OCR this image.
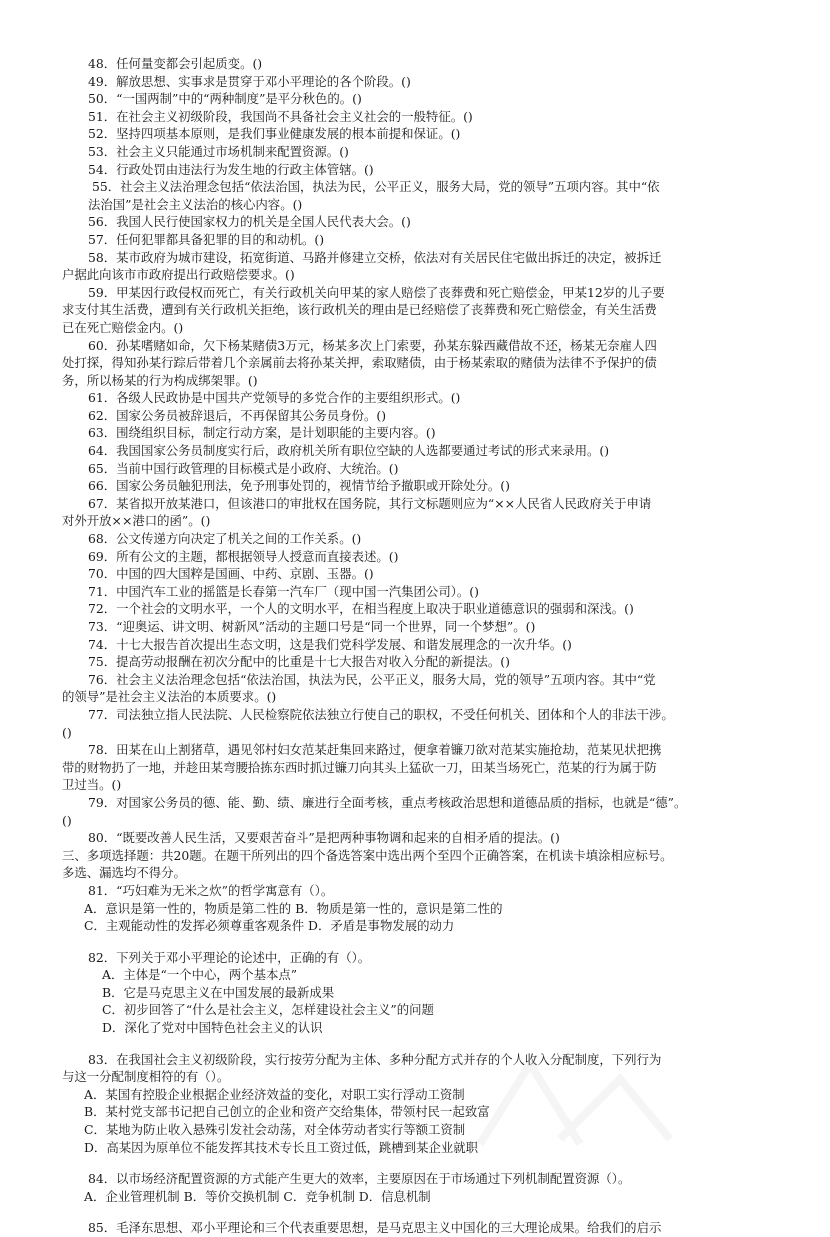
48．任何量变都会引起质变。()
49．解放思想、实事求是贯穿于邓小平理论的各个阶段。()
50．“一国两制”中的“两种制度”是平分秋色的。()
51．在社会主义初级阶段，我国尚不具备社会主义社会的一般特征。()
52．坚持四项基本原则，是我们事业健康发展的根本前提和保证。()
53．社会主义只能通过市场机制来配置资源。()
54．行政处罚由违法行为发生地的行政主体管辖。()
55．社会主义法治理念包括“依法治国，执法为民，公平正义，服务大局，党的领导”五项内容。其中“依
法治国”是社会主义法治的核心内容。()
56．我国人民行使国家权力的机关是全国人民代表大会。()
57．任何犯罪都具备犯罪的目的和动机。()
58．某市政府为城市建设，拓宽街道、马路并修建立交桥，依法对有关居民住宅做出拆迁的决定，被拆迁
户据此向该市市政府提出行政赔偿要求。()
59．甲某因行政侵权而死亡，有关行政机关向甲某的家人赔偿了丧葬费和死亡赔偿金，甲某12岁的儿子要
求支付其生活费，遭到有关行政机关拒绝，该行政机关的理由是已经赔偿了丧葬费和死亡赔偿金，有关生活费
已在死亡赔偿金内。()
60．孙某嗜赌如命，欠下杨某赌债3万元，杨某多次上门索要，孙某东躲西藏借故不还，杨某无奈雇人四
处打探，得知孙某行踪后带着几个亲属前去将孙某关押，索取赌债，由于杨某索取的赌债为法律不予保护的债
务，所以杨某的行为构成绑架罪。()
61．各级人民政协是中国共产党领导的多党合作的主要组织形式。()
62．国家公务员被辞退后，不再保留其公务员身份。()
63．围绕组织目标，制定行动方案，是计划职能的主要内容。()
64．我国国家公务员制度实行后，政府机关所有职位空缺的人选都要通过考试的形式来录用。()
65．当前中国行政管理的目标模式是小政府、大统治。()
66．国家公务员触犯刑法，免予刑事处罚的，视情节给予撤职或开除处分。()
67．某省拟开放某港口，但该港口的审批权在国务院，其行文标题则应为“××人民省人民政府关于申请
对外开放××港口的函”。()
68．公文传递方向决定了机关之间的工作关系。()
69．所有公文的主题，都根据领导人授意而直接表述。()
70．中国的四大国粹是国画、中药、京剧、玉器。()
71．中国汽车工业的摇篮是长春第一汽车厂（现中国一汽集团公司）。()
72．一个社会的文明水平，一个人的文明水平，在相当程度上取决于职业道德意识的强弱和深浅。()
73．“迎奥运、讲文明、树新风”活动的主题口号是“同一个世界，同一个梦想”。()
74．十七大报告首次提出生态文明，这是我们党科学发展、和谐发展理念的一次升华。()
75．提高劳动报酬在初次分配中的比重是十七大报告对收入分配的新提法。()
76．社会主义法治理念包括“依法治国，执法为民，公平正义，服务大局，党的领导”五项内容。其中“党
的领导”是社会主义法治的本质要求。()
77．司法独立指人民法院、人民检察院依法独立行使自己的职权，不受任何机关、团体和个人的非法干涉。
()
78．田某在山上割猪草，遇见邻村妇女范某赶集回来路过，便拿着镰刀欲对范某实施抢劫，范某见状把携
带的财物扔了一地，并趁田某弯腰拾拣东西时抓过镰刀向其头上猛砍一刀，田某当场死亡，范某的行为属于防
卫过当。()
79．对国家公务员的德、能、勤、绩、廉进行全面考核，重点考核政治思想和道德品质的指标，也就是“德”。
()
80．“既要改善人民生活，又要艰苦奋斗”是把两种事物调和起来的自相矛盾的提法。()
三、多项选择题：共20题。在题干所列出的四个备选答案中选出两个至四个正确答案，在机读卡填涂相应标号。
多选、漏选均不得分。
81．“巧妇难为无米之炊”的哲学寓意有（）。
A．意识是第一性的，物质是第二性的 B．物质是第一性的，意识是第二性的
C．主观能动性的发挥必须尊重客观条件 D．矛盾是事物发展的动力
82．下列关于邓小平理论的论述中，正确的有（）。
A．主体是“一个中心，两个基本点”
B．它是马克思主义在中国发展的最新成果
C．初步回答了“什么是社会主义，怎样建设社会主义”的问题
D．深化了党对中国特色社会主义的认识
83．在我国社会主义初级阶段，实行按劳分配为主体、多种分配方式并存的个人收入分配制度，下列行为
与这一分配制度相符的有（）。
A．某国有控股企业根据企业经济效益的变化，对职工实行浮动工资制
B．某村党支部书记把自己创立的企业和资产交给集体，带领村民一起致富
C．某地为防止收入悬殊引发社会动荡，对全体劳动者实行等额工资制
D．高某因为原单位不能发挥其技术专长且工资过低，跳槽到某企业就职
84．以市场经济配置资源的方式能产生更大的效率，主要原因在于市场通过下列机制配置资源（）。
A．企业管理机制 B．等价交换机制 C．竞争机制 D．信息机制
85．毛泽东思想、邓小平理论和三个代表重要思想，是马克思主义中国化的三大理论成果。给我们的启示
